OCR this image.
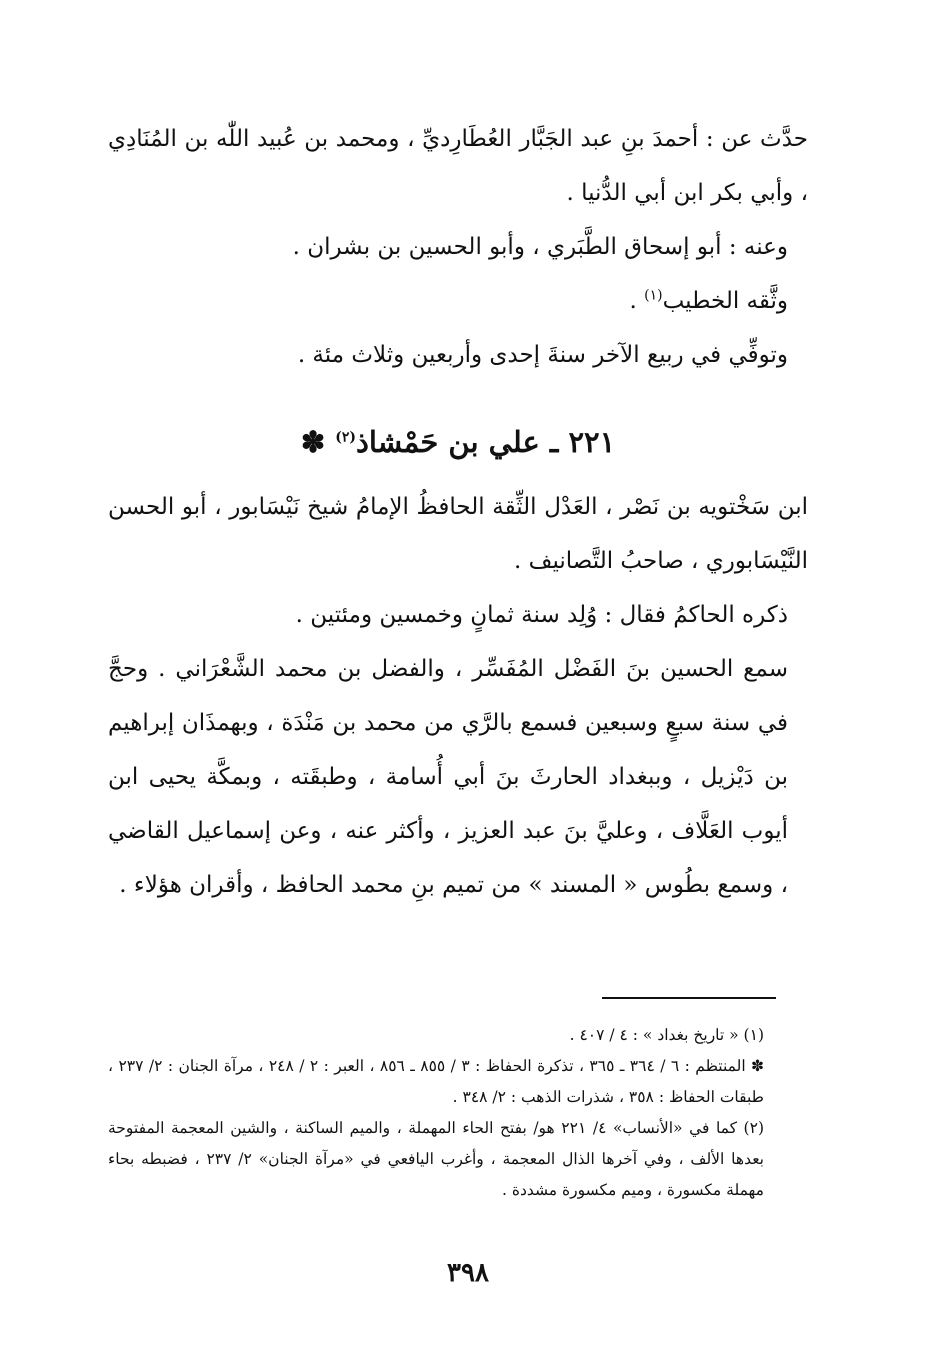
حدَّث عن : أحمدَ بنِ عبد الجَبَّار العُطَارِديِّ ، ومحمد بن عُبيد اللّٰه بن المُنَادِي ، وأبي بكر ابن أبي الدُّنيا .

وعنه : أبو إسحاق الطَّبَري ، وأبو الحسين بن بشران .

وثَّقه الخطيب$^{(١)}$ .

وتوفِّي في ربيع الآخر سنةَ إحدى وأربعين وثلاث مئة .

٢٢١ ـ علي بن حَمْشاذ$^{(٢)}$ ✽

ابن سَخْتويه بن نَصْر ، العَدْل الثِّقة الحافظُ الإمامُ شيخ نَيْسَابور ، أبو الحسن النَّيْسَابوري ، صاحبُ التَّصانيف .

ذكره الحاكمُ فقال : وُلِد سنة ثمانٍ وخمسين ومئتين .

سمع الحسين بنَ الفَضْل المُفَسِّر ، والفضل بن محمد الشَّعْرَاني . وحجَّ في سنة سبعٍ وسبعين فسمع بالرَّي من محمد بن مَنْدَة ، وبهمذَان إبراهيم بن دَيْزيل ، وببغداد الحارثَ بنَ أبي أُسامة ، وطبقَته ، وبمكَّة يحيى ابن أيوب العَلَّاف ، وعليَّ بنَ عبد العزيز ، وأكثر عنه ، وعن إسماعيل القاضي ، وسمع بطُوس « المسند » من تميم بنِ محمد الحافظ ، وأقران هؤلاء .

(١) « تاريخ بغداد » : ٤ / ٤٠٧ .

✽ المنتظم : ٦ / ٣٦٤ ـ ٣٦٥ ، تذكرة الحفاظ : ٣ / ٨٥٥ ـ ٨٥٦ ، العبر : ٢ / ٢٤٨ ، مرآة الجنان : ٢/ ٢٣٧ ، طبقات الحفاظ : ٣٥٨ ، شذرات الذهب : ٢/ ٣٤٨ .

(٢) كما في «الأنساب» ٤/ ٢٢١ هو/ بفتح الحاء المهملة ، والميم الساكنة ، والشين المعجمة المفتوحة بعدها الألف ، وفي آخرها الذال المعجمة ، وأغرب اليافعي في «مرآة الجنان» ٢/ ٢٣٧ ، فضبطه بحاء مهملة مكسورة ، وميم مكسورة مشددة .

٣٩٨
